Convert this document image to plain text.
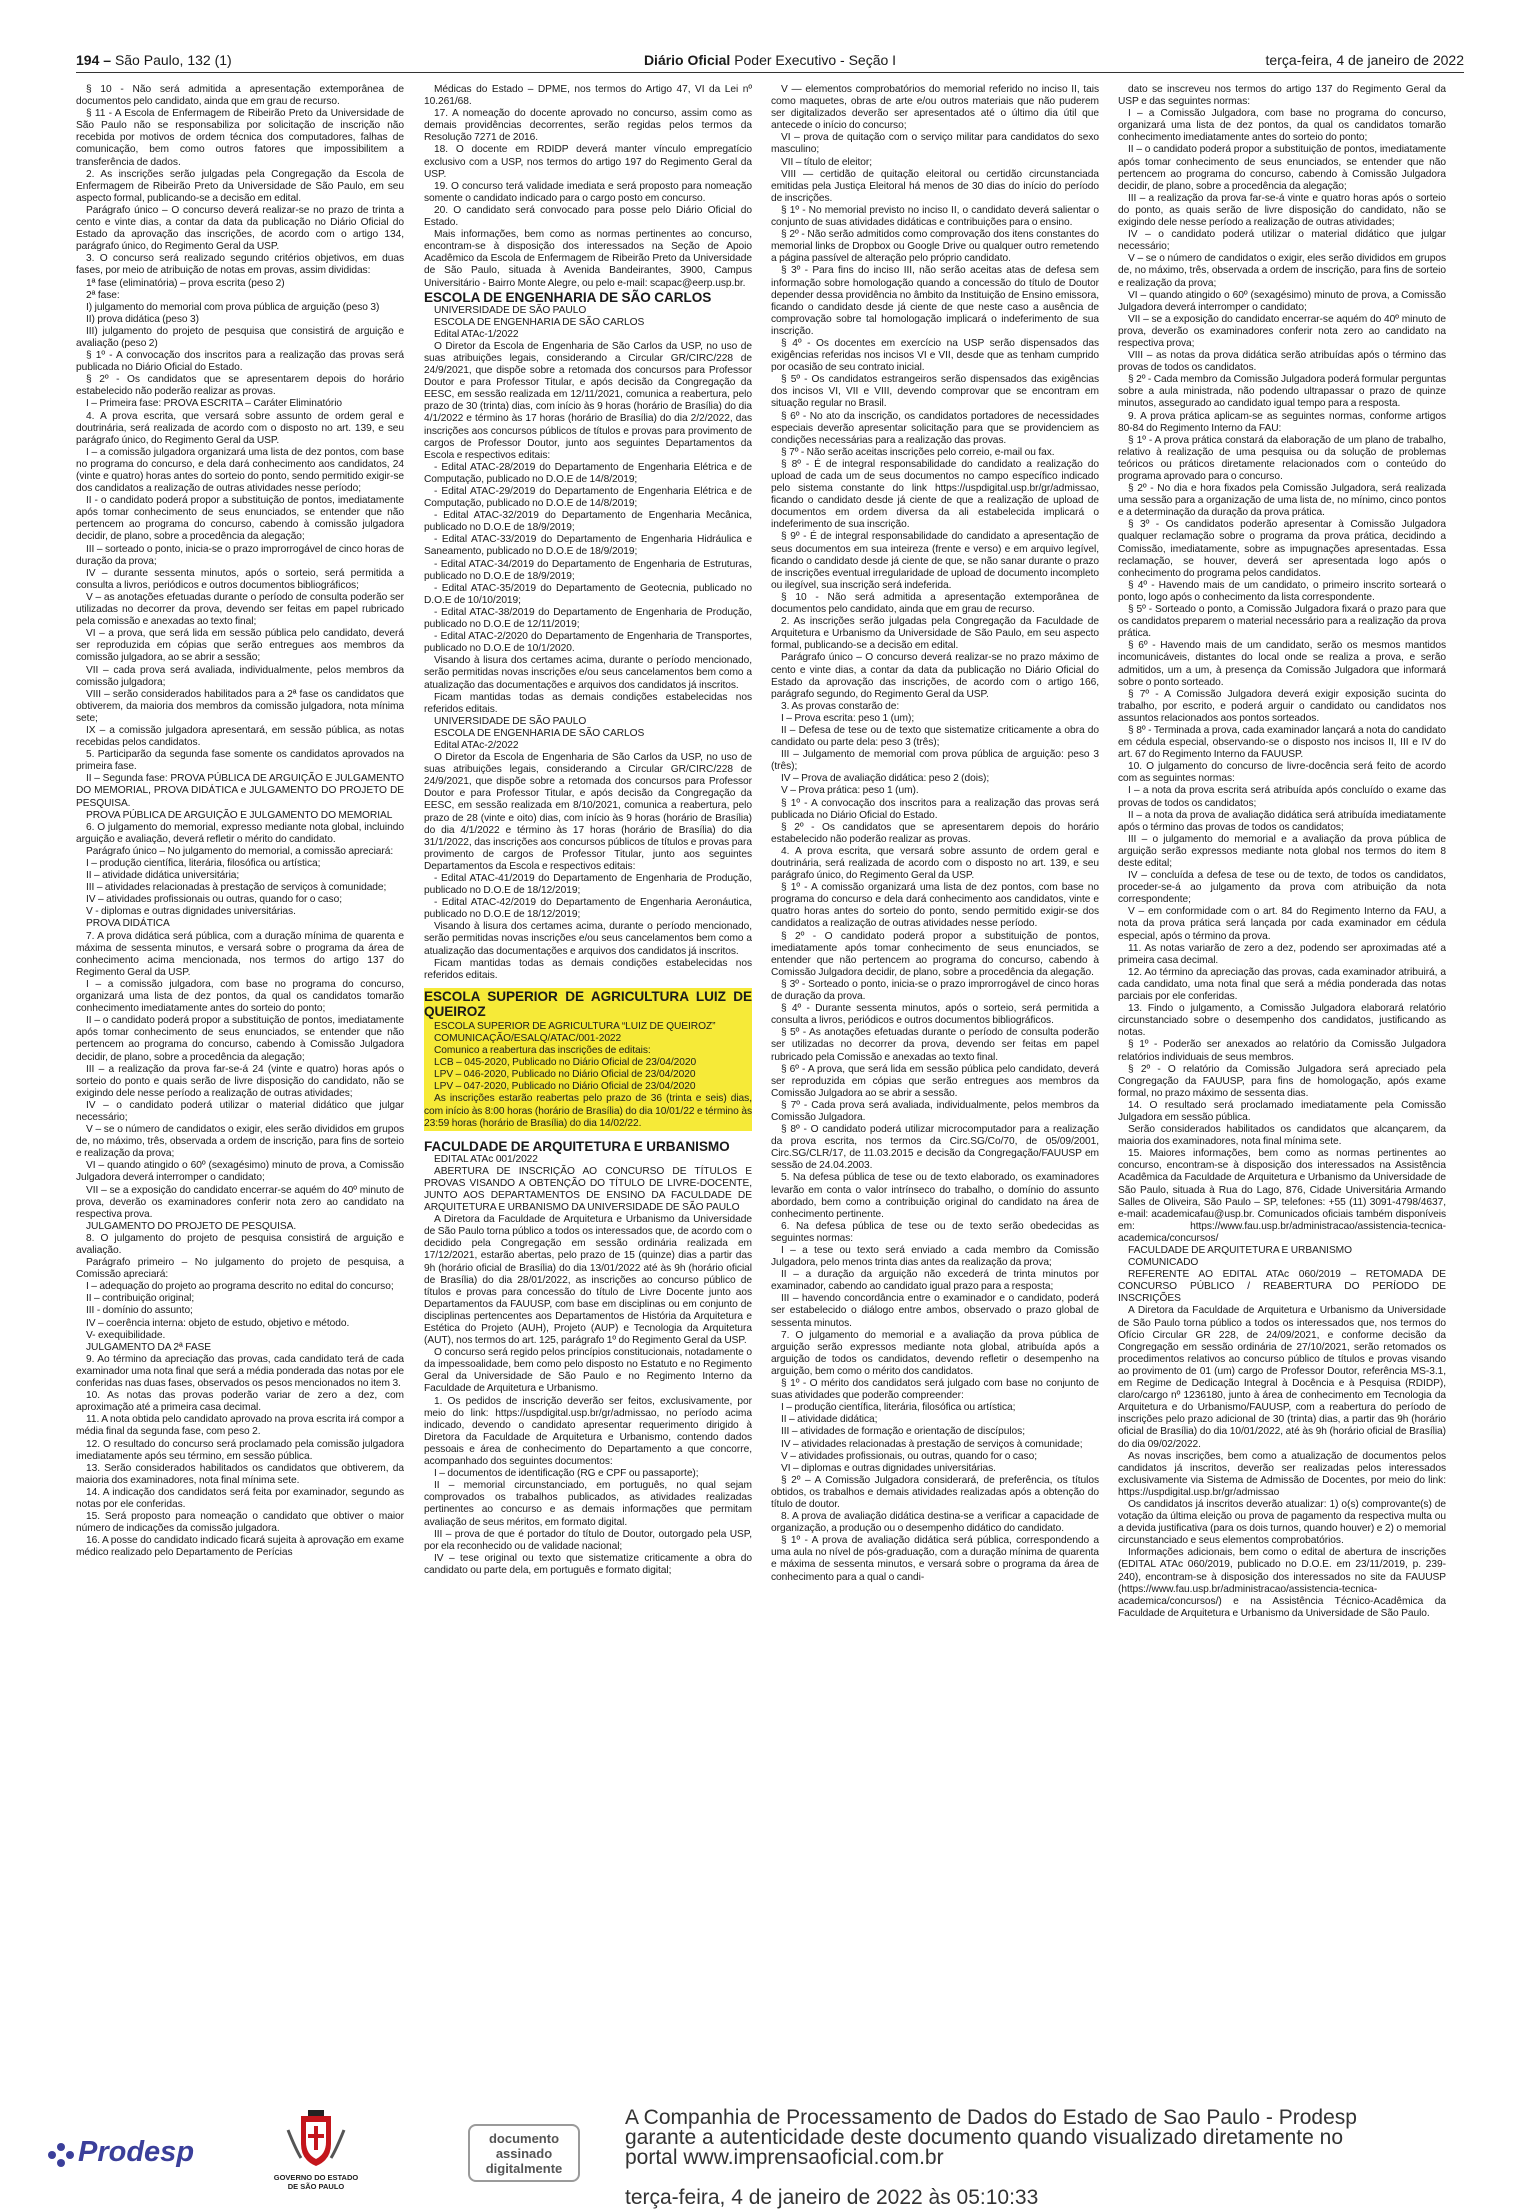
194 – São Paulo, 132 (1)	Diário Oficial Poder Executivo - Seção I	terça-feira, 4 de janeiro de 2022

§ 10 - Não será admitida a apresentação extemporânea de documentos pelo candidato, ainda que em grau de recurso.

§ 11 - A Escola de Enfermagem de Ribeirão Preto da Universidade de São Paulo não se responsabiliza por solicitação de inscrição não recebida por motivos de ordem técnica dos computadores, falhas de comunicação, bem como outros fatores que impossibilitem a transferência de dados.

2. As inscrições serão julgadas pela Congregação da Escola de Enfermagem de Ribeirão Preto da Universidade de São Paulo, em seu aspecto formal, publicando-se a decisão em edital.

Parágrafo único – O concurso deverá realizar-se no prazo de trinta a cento e vinte dias, a contar da data da publicação no Diário Oficial do Estado da aprovação das inscrições, de acordo com o artigo 134, parágrafo único, do Regimento Geral da USP.

3. O concurso será realizado segundo critérios objetivos, em duas fases, por meio de atribuição de notas em provas, assim divididas:

1ª fase (eliminatória) – prova escrita (peso 2)

2ª fase:

I) julgamento do memorial com prova pública de arguição (peso 3)

II) prova didática (peso 3)

III) julgamento do projeto de pesquisa que consistirá de arguição e avaliação (peso 2)

§ 1º - A convocação dos inscritos para a realização das provas será publicada no Diário Oficial do Estado.

§ 2º - Os candidatos que se apresentarem depois do horário estabelecido não poderão realizar as provas.

I – Primeira fase: PROVA ESCRITA – Caráter Eliminatório

4. A prova escrita, que versará sobre assunto de ordem geral e doutrinária, será realizada de acordo com o disposto no art. 139, e seu parágrafo único, do Regimento Geral da USP.

I – a comissão julgadora organizará uma lista de dez pontos, com base no programa do concurso, e dela dará conhecimento aos candidatos, 24 (vinte e quatro) horas antes do sorteio do ponto, sendo permitido exigir-se dos candidatos a realização de outras atividades nesse período;

II - o candidato poderá propor a substituição de pontos, imediatamente após tomar conhecimento de seus enunciados, se entender que não pertencem ao programa do concurso, cabendo à comissão julgadora decidir, de plano, sobre a procedência da alegação;

III – sorteado o ponto, inicia-se o prazo improrrogável de cinco horas de duração da prova;

IV – durante sessenta minutos, após o sorteio, será permitida a consulta a livros, periódicos e outros documentos bibliográficos;

V – as anotações efetuadas durante o período de consulta poderão ser utilizadas no decorrer da prova, devendo ser feitas em papel rubricado pela comissão e anexadas ao texto final;

VI – a prova, que será lida em sessão pública pelo candidato, deverá ser reproduzida em cópias que serão entregues aos membros da comissão julgadora, ao se abrir a sessão;

VII – cada prova será avaliada, individualmente, pelos membros da comissão julgadora;

VIII – serão considerados habilitados para a 2ª fase os candidatos que obtiverem, da maioria dos membros da comissão julgadora, nota mínima sete;

IX – a comissão julgadora apresentará, em sessão pública, as notas recebidas pelos candidatos.

5. Participarão da segunda fase somente os candidatos aprovados na primeira fase.

II – Segunda fase: PROVA PÚBLICA DE ARGUIÇÃO E JULGAMENTO DO MEMORIAL, PROVA DIDÁTICA e JULGAMENTO DO PROJETO DE PESQUISA.

PROVA PÚBLICA DE ARGUIÇÃO E JULGAMENTO DO MEMORIAL

6. O julgamento do memorial, expresso mediante nota global, incluindo arguição e avaliação, deverá refletir o mérito do candidato.

Parágrafo único – No julgamento do memorial, a comissão apreciará:

I – produção científica, literária, filosófica ou artística;

II – atividade didática universitária;

III – atividades relacionadas à prestação de serviços à comunidade;

IV – atividades profissionais ou outras, quando for o caso;

V - diplomas e outras dignidades universitárias.

PROVA DIDÁTICA

7. A prova didática será pública, com a duração mínima de quarenta e máxima de sessenta minutos, e versará sobre o programa da área de conhecimento acima mencionada, nos termos do artigo 137 do Regimento Geral da USP.

I – a comissão julgadora, com base no programa do concurso, organizará uma lista de dez pontos, da qual os candidatos tomarão conhecimento imediatamente antes do sorteio do ponto;

II – o candidato poderá propor a substituição de pontos, imediatamente após tomar conhecimento de seus enunciados, se entender que não pertencem ao programa do concurso, cabendo à Comissão Julgadora decidir, de plano, sobre a procedência da alegação;

III – a realização da prova far-se-á 24 (vinte e quatro) horas após o sorteio do ponto e quais serão de livre disposição do candidato, não se exigindo dele nesse período a realização de outras atividades;

IV – o candidato poderá utilizar o material didático que julgar necessário;

V – se o número de candidatos o exigir, eles serão divididos em grupos de, no máximo, três, observada a ordem de inscrição, para fins de sorteio e realização da prova;

VI – quando atingido o 60º (sexagésimo) minuto de prova, a Comissão Julgadora deverá interromper o candidato;

VII – se a exposição do candidato encerrar-se aquém do 40º minuto de prova, deverão os examinadores conferir nota zero ao candidato na respectiva prova.

JULGAMENTO DO PROJETO DE PESQUISA.

8. O julgamento do projeto de pesquisa consistirá de arguição e avaliação.

Parágrafo primeiro – No julgamento do projeto de pesquisa, a Comissão apreciará:

I – adequação do projeto ao programa descrito no edital do concurso;

II – contribuição original;

III - domínio do assunto;

IV – coerência interna: objeto de estudo, objetivo e método.

V- exequibilidade.

JULGAMENTO DA 2ª FASE

9. Ao término da apreciação das provas, cada candidato terá de cada examinador uma nota final que será a média ponderada das notas por ele conferidas nas duas fases, observados os pesos mencionados no item 3.

10. As notas das provas poderão variar de zero a dez, com aproximação até a primeira casa decimal.

11. A nota obtida pelo candidato aprovado na prova escrita irá compor a média final da segunda fase, com peso 2.

12. O resultado do concurso será proclamado pela comissão julgadora imediatamente após seu término, em sessão pública.

13. Serão considerados habilitados os candidatos que obtiverem, da maioria dos examinadores, nota final mínima sete.

14. A indicação dos candidatos será feita por examinador, segundo as notas por ele conferidas.

15. Será proposto para nomeação o candidato que obtiver o maior número de indicações da comissão julgadora.

16. A posse do candidato indicado ficará sujeita à aprovação em exame médico realizado pelo Departamento de Perícias

Médicas do Estado – DPME, nos termos do Artigo 47, VI da Lei nº 10.261/68.

17. A nomeação do docente aprovado no concurso, assim como as demais providências decorrentes, serão regidas pelos termos da Resolução 7271 de 2016.

18. O docente em RDIDP deverá manter vínculo empregatício exclusivo com a USP, nos termos do artigo 197 do Regimento Geral da USP.

19. O concurso terá validade imediata e será proposto para nomeação somente o candidato indicado para o cargo posto em concurso.

20. O candidato será convocado para posse pelo Diário Oficial do Estado.

Mais informações, bem como as normas pertinentes ao concurso, encontram-se à disposição dos interessados na Seção de Apoio Acadêmico da Escola de Enfermagem de Ribeirão Preto da Universidade de São Paulo, situada à Avenida Bandeirantes, 3900, Campus Universitário - Bairro Monte Alegre, ou pelo e-mail: scapac@eerp.usp.br.

ESCOLA DE ENGENHARIA DE SÃO CARLOS

UNIVERSIDADE DE SÃO PAULO

ESCOLA DE ENGENHARIA DE SÃO CARLOS

Edital ATAc-1/2022

O Diretor da Escola de Engenharia de São Carlos da USP, no uso de suas atribuições legais, considerando a Circular GR/CIRC/228 de 24/9/2021, que dispõe sobre a retomada dos concursos para Professor Doutor e para Professor Titular, e após decisão da Congregação da EESC, em sessão realizada em 12/11/2021, comunica a reabertura, pelo prazo de 30 (trinta) dias, com início às 9 horas (horário de Brasília) do dia 4/1/2022 e término às 17 horas (horário de Brasília) do dia 2/2/2022, das inscrições aos concursos públicos de títulos e provas para provimento de cargos de Professor Doutor, junto aos seguintes Departamentos da Escola e respectivos editais:

- Edital ATAC-28/2019 do Departamento de Engenharia Elétrica e de Computação, publicado no D.O.E de 14/8/2019;

- Edital ATAC-29/2019 do Departamento de Engenharia Elétrica e de Computação, publicado no D.O.E de 14/8/2019;

- Edital ATAC-32/2019 do Departamento de Engenharia Mecânica, publicado no D.O.E de 18/9/2019;

- Edital ATAC-33/2019 do Departamento de Engenharia Hidráulica e Saneamento, publicado no D.O.E de 18/9/2019;

- Edital ATAC-34/2019 do Departamento de Engenharia de Estruturas, publicado no D.O.E de 18/9/2019;

- Edital ATAC-35/2019 do Departamento de Geotecnia, publicado no D.O.E de 10/10/2019;

- Edital ATAC-38/2019 do Departamento de Engenharia de Produção, publicado no D.O.E de 12/11/2019;

- Edital ATAC-2/2020 do Departamento de Engenharia de Transportes, publicado no D.O.E de 10/1/2020.

Visando à lisura dos certames acima, durante o período mencionado, serão permitidas novas inscrições e/ou seus cancelamentos bem como a atualização das documentações e arquivos dos candidatos já inscritos.

Ficam mantidas todas as demais condições estabelecidas nos referidos editais.

UNIVERSIDADE DE SÃO PAULO

ESCOLA DE ENGENHARIA DE SÃO CARLOS

Edital ATAc-2/2022

O Diretor da Escola de Engenharia de São Carlos da USP, no uso de suas atribuições legais, considerando a Circular GR/CIRC/228 de 24/9/2021, que dispõe sobre a retomada dos concursos para Professor Doutor e para Professor Titular, e após decisão da Congregação da EESC, em sessão realizada em 8/10/2021, comunica a reabertura, pelo prazo de 28 (vinte e oito) dias, com início às 9 horas (horário de Brasília) do dia 4/1/2022 e término às 17 horas (horário de Brasília) do dia 31/1/2022, das inscrições aos concursos públicos de títulos e provas para provimento de cargos de Professor Titular, junto aos seguintes Departamentos da Escola e respectivos editais:

- Edital ATAC-41/2019 do Departamento de Engenharia de Produção, publicado no D.O.E de 18/12/2019;

- Edital ATAC-42/2019 do Departamento de Engenharia Aeronáutica, publicado no D.O.E de 18/12/2019;

Visando à lisura dos certames acima, durante o período mencionado, serão permitidas novas inscrições e/ou seus cancelamentos bem como a atualização das documentações e arquivos dos candidatos já inscritos.

Ficam mantidas todas as demais condições estabelecidas nos referidos editais.

ESCOLA SUPERIOR DE AGRICULTURA LUIZ DE QUEIROZ

ESCOLA SUPERIOR DE AGRICULTURA “LUIZ DE QUEIROZ”

COMUNICAÇÃO/ESALQ/ATAC/001-2022

Comunico a reabertura das inscrições de editais:

LCB – 045-2020, Publicado no Diário Oficial de 23/04/2020

LPV – 046-2020, Publicado no Diário Oficial de 23/04/2020

LPV – 047-2020, Publicado no Diário Oficial de 23/04/2020

As inscrições estarão reabertas pelo prazo de 36 (trinta e seis) dias, com início às 8:00 horas (horário de Brasília) do dia 10/01/22 e término às 23:59 horas (horário de Brasília) do dia 14/02/22.

FACULDADE DE ARQUITETURA E URBANISMO

EDITAL ATAc 001/2022

ABERTURA DE INSCRIÇÃO AO CONCURSO DE TÍTULOS E PROVAS VISANDO A OBTENÇÃO DO TÍTULO DE LIVRE-DOCENTE, JUNTO AOS DEPARTAMENTOS DE ENSINO DA FACULDADE DE ARQUITETURA E URBANISMO DA UNIVERSIDADE DE SÃO PAULO

A Diretora da Faculdade de Arquitetura e Urbanismo da Universidade de São Paulo torna público a todos os interessados que, de acordo com o decidido pela Congregação em sessão ordinária realizada em 17/12/2021, estarão abertas, pelo prazo de 15 (quinze) dias a partir das 9h (horário oficial de Brasília) do dia 13/01/2022 até às 9h (horário oficial de Brasília) do dia 28/01/2022, as inscrições ao concurso público de títulos e provas para concessão do título de Livre Docente junto aos Departamentos da FAUUSP, com base em disciplinas ou em conjunto de disciplinas pertencentes aos Departamentos de História da Arquitetura e Estética do Projeto (AUH), Projeto (AUP) e Tecnologia da Arquitetura (AUT), nos termos do art. 125, parágrafo 1º do Regimento Geral da USP.

O concurso será regido pelos princípios constitucionais, notadamente o da impessoalidade, bem como pelo disposto no Estatuto e no Regimento Geral da Universidade de São Paulo e no Regimento Interno da Faculdade de Arquitetura e Urbanismo.

1. Os pedidos de inscrição deverão ser feitos, exclusivamente, por meio do link: https://uspdigital.usp.br/gr/admissao, no período acima indicado, devendo o candidato apresentar requerimento dirigido à Diretora da Faculdade de Arquitetura e Urbanismo, contendo dados pessoais e área de conhecimento do Departamento a que concorre, acompanhado dos seguintes documentos:

I – documentos de identificação (RG e CPF ou passaporte);

II – memorial circunstanciado, em português, no qual sejam comprovados os trabalhos publicados, as atividades realizadas pertinentes ao concurso e as demais informações que permitam avaliação de seus méritos, em formato digital.

III – prova de que é portador do título de Doutor, outorgado pela USP, por ela reconhecido ou de validade nacional;

IV – tese original ou texto que sistematize criticamente a obra do candidato ou parte dela, em português e formato digital;

V — elementos comprobatórios do memorial referido no inciso II, tais como maquetes, obras de arte e/ou outros materiais que não puderem ser digitalizados deverão ser apresentados até o último dia útil que antecede o início do concurso;

VI – prova de quitação com o serviço militar para candidatos do sexo masculino;

VII – título de eleitor;

VIII — certidão de quitação eleitoral ou certidão circunstanciada emitidas pela Justiça Eleitoral há menos de 30 dias do início do período de inscrições.

§ 1º - No memorial previsto no inciso II, o candidato deverá salientar o conjunto de suas atividades didáticas e contribuições para o ensino.

§ 2º - Não serão admitidos como comprovação dos itens constantes do memorial links de Dropbox ou Google Drive ou qualquer outro remetendo a página passível de alteração pelo próprio candidato.

§ 3º - Para fins do inciso III, não serão aceitas atas de defesa sem informação sobre homologação quando a concessão do título de Doutor depender dessa providência no âmbito da Instituição de Ensino emissora, ficando o candidato desde já ciente de que neste caso a ausência de comprovação sobre tal homologação implicará o indeferimento de sua inscrição.

§ 4º - Os docentes em exercício na USP serão dispensados das exigências referidas nos incisos VI e VII, desde que as tenham cumprido por ocasião de seu contrato inicial.

§ 5º - Os candidatos estrangeiros serão dispensados das exigências dos incisos VI, VII e VIII, devendo comprovar que se encontram em situação regular no Brasil.

§ 6º - No ato da inscrição, os candidatos portadores de necessidades especiais deverão apresentar solicitação para que se providenciem as condições necessárias para a realização das provas.

§ 7º - Não serão aceitas inscrições pelo correio, e-mail ou fax.

§ 8º - É de integral responsabilidade do candidato a realização do upload de cada um de seus documentos no campo específico indicado pelo sistema constante do link https://uspdigital.usp.br/gr/admissao, ficando o candidato desde já ciente de que a realização de upload de documentos em ordem diversa da ali estabelecida implicará o indeferimento de sua inscrição.

§ 9º - É de integral responsabilidade do candidato a apresentação de seus documentos em sua inteireza (frente e verso) e em arquivo legível, ficando o candidato desde já ciente de que, se não sanar durante o prazo de inscrições eventual irregularidade de upload de documento incompleto ou ilegível, sua inscrição será indeferida.

§ 10 - Não será admitida a apresentação extemporânea de documentos pelo candidato, ainda que em grau de recurso.

2. As inscrições serão julgadas pela Congregação da Faculdade de Arquitetura e Urbanismo da Universidade de São Paulo, em seu aspecto formal, publicando-se a decisão em edital.

Parágrafo único – O concurso deverá realizar-se no prazo máximo de cento e vinte dias, a contar da data da publicação no Diário Oficial do Estado da aprovação das inscrições, de acordo com o artigo 166, parágrafo segundo, do Regimento Geral da USP.

3. As provas constarão de:

I – Prova escrita: peso 1 (um);

II – Defesa de tese ou de texto que sistematize criticamente a obra do candidato ou parte dela: peso 3 (três);

III – Julgamento de memorial com prova pública de arguição: peso 3 (três);

IV – Prova de avaliação didática: peso 2 (dois);

V – Prova prática: peso 1 (um).

§ 1º - A convocação dos inscritos para a realização das provas será publicada no Diário Oficial do Estado.

§ 2º - Os candidatos que se apresentarem depois do horário estabelecido não poderão realizar as provas.

4. A prova escrita, que versará sobre assunto de ordem geral e doutrinária, será realizada de acordo com o disposto no art. 139, e seu parágrafo único, do Regimento Geral da USP.

§ 1º - A comissão organizará uma lista de dez pontos, com base no programa do concurso e dela dará conhecimento aos candidatos, vinte e quatro horas antes do sorteio do ponto, sendo permitido exigir-se dos candidatos a realização de outras atividades nesse período.

§ 2º - O candidato poderá propor a substituição de pontos, imediatamente após tomar conhecimento de seus enunciados, se entender que não pertencem ao programa do concurso, cabendo à Comissão Julgadora decidir, de plano, sobre a procedência da alegação.

§ 3º - Sorteado o ponto, inicia-se o prazo improrrogável de cinco horas de duração da prova.

§ 4º - Durante sessenta minutos, após o sorteio, será permitida a consulta a livros, periódicos e outros documentos bibliográficos.

§ 5º - As anotações efetuadas durante o período de consulta poderão ser utilizadas no decorrer da prova, devendo ser feitas em papel rubricado pela Comissão e anexadas ao texto final.

§ 6º - A prova, que será lida em sessão pública pelo candidato, deverá ser reproduzida em cópias que serão entregues aos membros da Comissão Julgadora ao se abrir a sessão.

§ 7º - Cada prova será avaliada, individualmente, pelos membros da Comissão Julgadora.

§ 8º - O candidato poderá utilizar microcomputador para a realização da prova escrita, nos termos da Circ.SG/Co/70, de 05/09/2001, Circ.SG/CLR/17, de 11.03.2015 e decisão da Congregação/FAUUSP em sessão de 24.04.2003.

5. Na defesa pública de tese ou de texto elaborado, os examinadores levarão em conta o valor intrínseco do trabalho, o domínio do assunto abordado, bem como a contribuição original do candidato na área de conhecimento pertinente.

6. Na defesa pública de tese ou de texto serão obedecidas as seguintes normas:

I – a tese ou texto será enviado a cada membro da Comissão Julgadora, pelo menos trinta dias antes da realização da prova;

II – a duração da arguição não excederá de trinta minutos por examinador, cabendo ao candidato igual prazo para a resposta;

III – havendo concordância entre o examinador e o candidato, poderá ser estabelecido o diálogo entre ambos, observado o prazo global de sessenta minutos.

7. O julgamento do memorial e a avaliação da prova pública de arguição serão expressos mediante nota global, atribuída após a arguição de todos os candidatos, devendo refletir o desempenho na arguição, bem como o mérito dos candidatos.

§ 1º - O mérito dos candidatos será julgado com base no conjunto de suas atividades que poderão compreender:

I – produção científica, literária, filosófica ou artística;

II – atividade didática;

III – atividades de formação e orientação de discípulos;

IV – atividades relacionadas à prestação de serviços à comunidade;

V – atividades profissionais, ou outras, quando for o caso;

VI – diplomas e outras dignidades universitárias.

§ 2º – A Comissão Julgadora considerará, de preferência, os títulos obtidos, os trabalhos e demais atividades realizadas após a obtenção do título de doutor.

8. A prova de avaliação didática destina-se a verificar a capacidade de organização, a produção ou o desempenho didático do candidato.

§ 1º - A prova de avaliação didática será pública, correspondendo a uma aula no nível de pós-graduação, com a duração mínima de quarenta e máxima de sessenta minutos, e versará sobre o programa da área de conhecimento para a qual o candi-

dato se inscreveu nos termos do artigo 137 do Regimento Geral da USP e das seguintes normas:

I – a Comissão Julgadora, com base no programa do concurso, organizará uma lista de dez pontos, da qual os candidatos tomarão conhecimento imediatamente antes do sorteio do ponto;

II – o candidato poderá propor a substituição de pontos, imediatamente após tomar conhecimento de seus enunciados, se entender que não pertencem ao programa do concurso, cabendo à Comissão Julgadora decidir, de plano, sobre a procedência da alegação;

III – a realização da prova far-se-á vinte e quatro horas após o sorteio do ponto, as quais serão de livre disposição do candidato, não se exigindo dele nesse período a realização de outras atividades;

IV – o candidato poderá utilizar o material didático que julgar necessário;

V – se o número de candidatos o exigir, eles serão divididos em grupos de, no máximo, três, observada a ordem de inscrição, para fins de sorteio e realização da prova;

VI – quando atingido o 60º (sexagésimo) minuto de prova, a Comissão Julgadora deverá interromper o candidato;

VII – se a exposição do candidato encerrar-se aquém do 40º minuto de prova, deverão os examinadores conferir nota zero ao candidato na respectiva prova;

VIII – as notas da prova didática serão atribuídas após o término das provas de todos os candidatos.

§ 2º - Cada membro da Comissão Julgadora poderá formular perguntas sobre a aula ministrada, não podendo ultrapassar o prazo de quinze minutos, assegurado ao candidato igual tempo para a resposta.

9. A prova prática aplicam-se as seguintes normas, conforme artigos 80-84 do Regimento Interno da FAU:

§ 1º - A prova prática constará da elaboração de um plano de trabalho, relativo à realização de uma pesquisa ou da solução de problemas teóricos ou práticos diretamente relacionados com o conteúdo do programa aprovado para o concurso.

§ 2º - No dia e hora fixados pela Comissão Julgadora, será realizada uma sessão para a organização de uma lista de, no mínimo, cinco pontos e a determinação da duração da prova prática.

§ 3º - Os candidatos poderão apresentar à Comissão Julgadora qualquer reclamação sobre o programa da prova prática, decidindo a Comissão, imediatamente, sobre as impugnações apresentadas. Essa reclamação, se houver, deverá ser apresentada logo após o conhecimento do programa pelos candidatos.

§ 4º - Havendo mais de um candidato, o primeiro inscrito sorteará o ponto, logo após o conhecimento da lista correspondente.

§ 5º - Sorteado o ponto, a Comissão Julgadora fixará o prazo para que os candidatos preparem o material necessário para a realização da prova prática.

§ 6º - Havendo mais de um candidato, serão os mesmos mantidos incomunicáveis, distantes do local onde se realiza a prova, e serão admitidos, um a um, à presença da Comissão Julgadora que informará sobre o ponto sorteado.

§ 7º - A Comissão Julgadora deverá exigir exposição sucinta do trabalho, por escrito, e poderá arguir o candidato ou candidatos nos assuntos relacionados aos pontos sorteados.

§ 8º - Terminada a prova, cada examinador lançará a nota do candidato em cédula especial, observando-se o disposto nos incisos II, III e IV do art. 67 do Regimento Interno da FAUUSP.

10. O julgamento do concurso de livre-docência será feito de acordo com as seguintes normas:

I – a nota da prova escrita será atribuída após concluído o exame das provas de todos os candidatos;

II – a nota da prova de avaliação didática será atribuída imediatamente após o término das provas de todos os candidatos;

III – o julgamento do memorial e a avaliação da prova pública de arguição serão expressos mediante nota global nos termos do item 8 deste edital;

IV – concluída a defesa de tese ou de texto, de todos os candidatos, proceder-se-á ao julgamento da prova com atribuição da nota correspondente;

V – em conformidade com o art. 84 do Regimento Interno da FAU, a nota da prova prática será lançada por cada examinador em cédula especial, após o término da prova.

11. As notas variarão de zero a dez, podendo ser aproximadas até a primeira casa decimal.

12. Ao término da apreciação das provas, cada examinador atribuirá, a cada candidato, uma nota final que será a média ponderada das notas parciais por ele conferidas.

13. Findo o julgamento, a Comissão Julgadora elaborará relatório circunstanciado sobre o desempenho dos candidatos, justificando as notas.

§ 1º - Poderão ser anexados ao relatório da Comissão Julgadora relatórios individuais de seus membros.

§ 2º - O relatório da Comissão Julgadora será apreciado pela Congregação da FAUUSP, para fins de homologação, após exame formal, no prazo máximo de sessenta dias.

14. O resultado será proclamado imediatamente pela Comissão Julgadora em sessão pública.

Serão considerados habilitados os candidatos que alcançarem, da maioria dos examinadores, nota final mínima sete.

15. Maiores informações, bem como as normas pertinentes ao concurso, encontram-se à disposição dos interessados na Assistência Acadêmica da Faculdade de Arquitetura e Urbanismo da Universidade de São Paulo, situada à Rua do Lago, 876, Cidade Universitária Armando Salles de Oliveira, São Paulo – SP, telefones: +55 (11) 3091-4798/4637, e-mail: academicafau@usp.br. Comunicados oficiais também disponíveis em: https://www.fau.usp.br/administracao/assistencia-tecnica-academica/concursos/

FACULDADE DE ARQUITETURA E URBANISMO

COMUNICADO

REFERENTE AO EDITAL ATAc 060/2019 – RETOMADA DE CONCURSO PÚBLICO / REABERTURA DO PERÍODO DE INSCRIÇÕES

A Diretora da Faculdade de Arquitetura e Urbanismo da Universidade de São Paulo torna público a todos os interessados que, nos termos do Ofício Circular GR 228, de 24/09/2021, e conforme decisão da Congregação em sessão ordinária de 27/10/2021, serão retomados os procedimentos relativos ao concurso público de títulos e provas visando ao provimento de 01 (um) cargo de Professor Doutor, referência MS-3.1, em Regime de Dedicação Integral à Docência e à Pesquisa (RDIDP), claro/cargo nº 1236180, junto à área de conhecimento em Tecnologia da Arquitetura e do Urbanismo/FAUUSP, com a reabertura do período de inscrições pelo prazo adicional de 30 (trinta) dias, a partir das 9h (horário oficial de Brasília) do dia 10/01/2022, até às 9h (horário oficial de Brasília) do dia 09/02/2022.

As novas inscrições, bem como a atualização de documentos pelos candidatos já inscritos, deverão ser realizadas pelos interessados exclusivamente via Sistema de Admissão de Docentes, por meio do link: https://uspdigital.usp.br/gr/admissao

Os candidatos já inscritos deverão atualizar: 1) o(s) comprovante(s) de votação da última eleição ou prova de pagamento da respectiva multa ou a devida justificativa (para os dois turnos, quando houver) e 2) o memorial circunstanciado e seus elementos comprobatórios.

Informações adicionais, bem como o edital de abertura de inscrições (EDITAL ATAc 060/2019, publicado no D.O.E. em 23/11/2019, p. 239-240), encontram-se à disposição dos interessados no site da FAUUSP (https://www.fau.usp.br/administracao/assistencia-tecnica-academica/concursos/) e na Assistência Técnico-Acadêmica da Faculdade de Arquitetura e Urbanismo da Universidade de São Paulo.

Prodesp
GOVERNO DO ESTADO DE SÃO PAULO
documento assinado digitalmente
A Companhia de Processamento de Dados do Estado de Sao Paulo - Prodesp
garante a autenticidade deste documento quando visualizado diretamente no
portal www.imprensaoficial.com.br
terça-feira, 4 de janeiro de 2022 às 05:10:33
